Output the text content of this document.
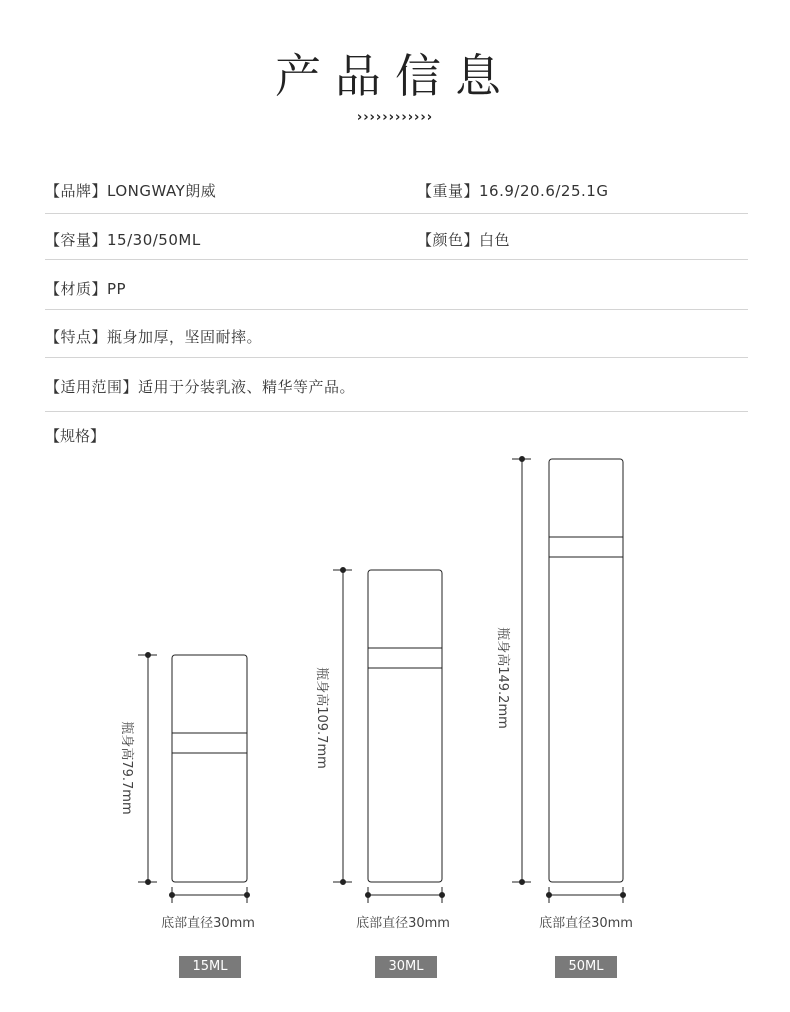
产品信息
››››››››››››
【品牌】LONGWAY朗威	【重量】16.9/20.6/25.1G
【容量】15/30/50ML	【颜色】白色
【材质】PP
【特点】瓶身加厚，坚固耐摔。
【适用范围】适用于分装乳液、精华等产品。
【规格】
瓶身高79.7mm	瓶身高109.7mm	瓶身高149.2mm
底部直径30mm	底部直径30mm	底部直径30mm
15ML	30ML	50ML
